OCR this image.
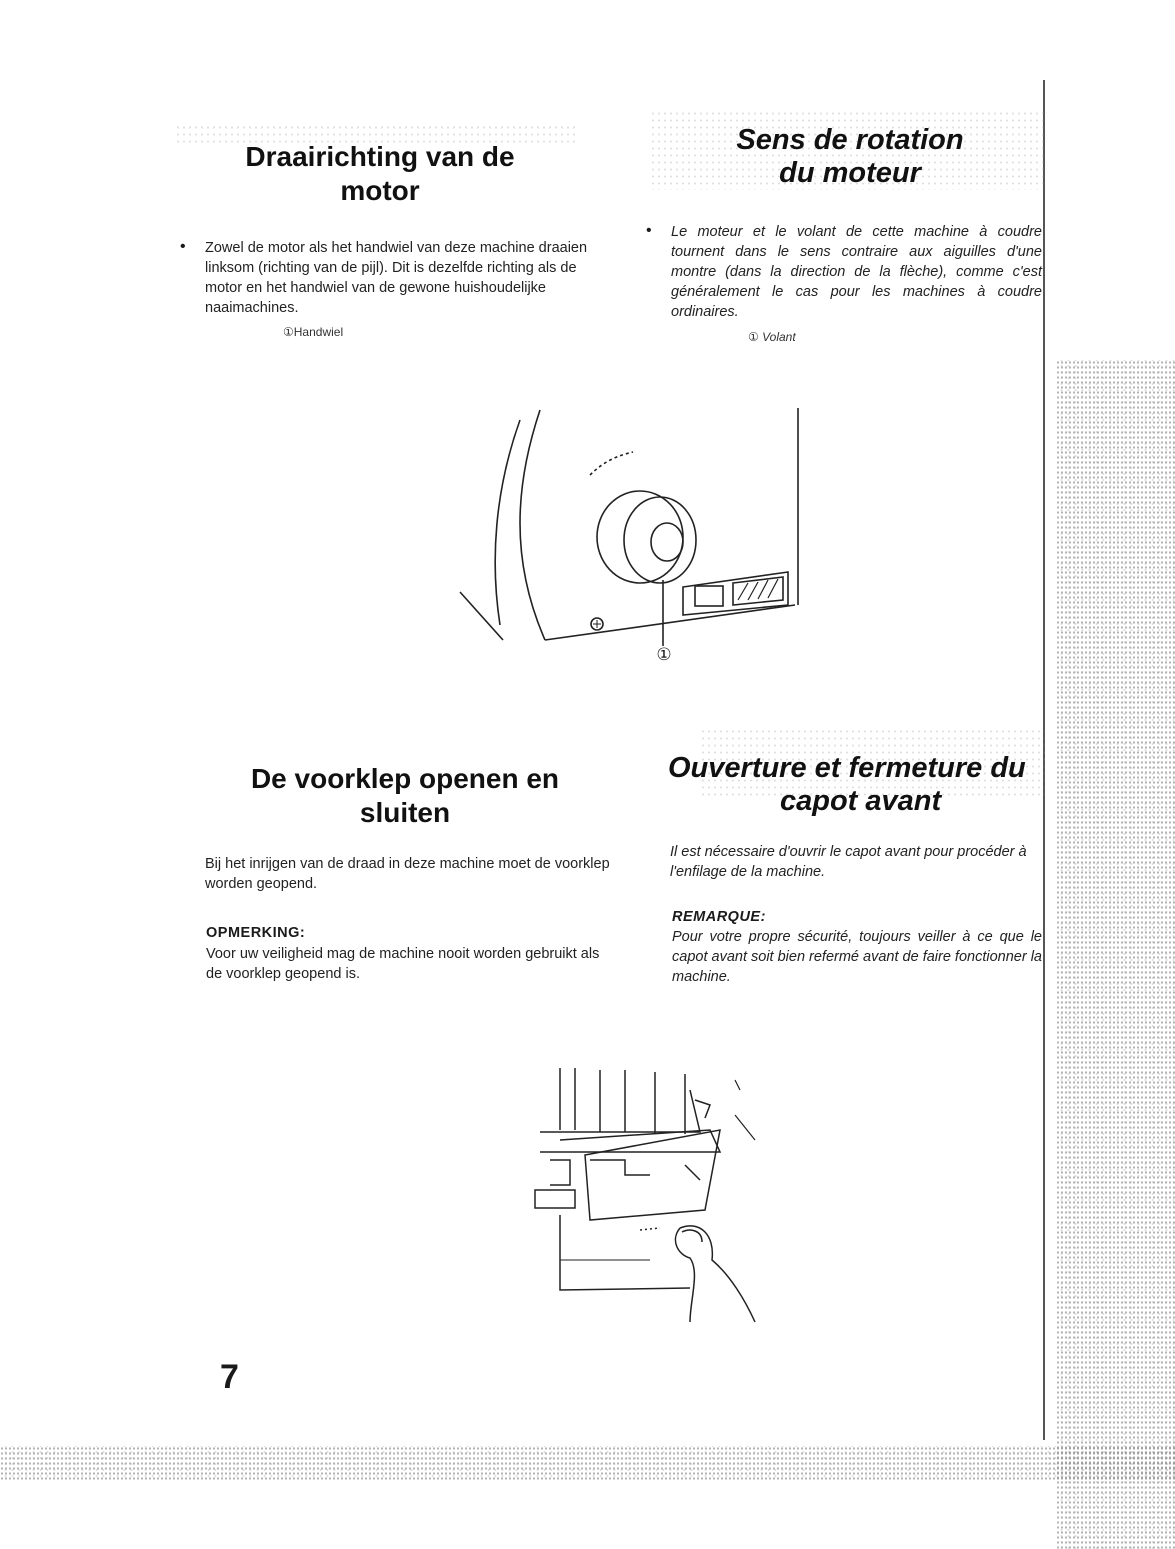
Draairichting van de
motor
Sens de rotation
du moteur
• Zowel de motor als het handwiel van deze machine draaien linksom (richting van de pijl). Dit is dezelfde richting als de motor en het handwiel van de gewone huishoudelijke naaimachines.
①Handwiel
• Le moteur et le volant de cette machine à coudre tournent dans le sens contraire aux aiguilles d'une montre (dans la direction de la flèche), comme c'est généralement le cas pour les machines à coudre ordinaires.
① Volant
①
De voorklep openen en
sluiten
Ouverture et fermeture du
capot avant
Bij het inrijgen van de draad in deze machine moet de voorklep worden geopend.
OPMERKING:
Voor uw veiligheid mag de machine nooit worden gebruikt als de voorklep geopend is.
Il est nécessaire d'ouvrir le capot avant pour procéder à l'enfilage de la machine.
REMARQUE:
Pour votre propre sécurité, toujours veiller à ce que le capot avant soit bien refermé avant de faire fonctionner la machine.
7
